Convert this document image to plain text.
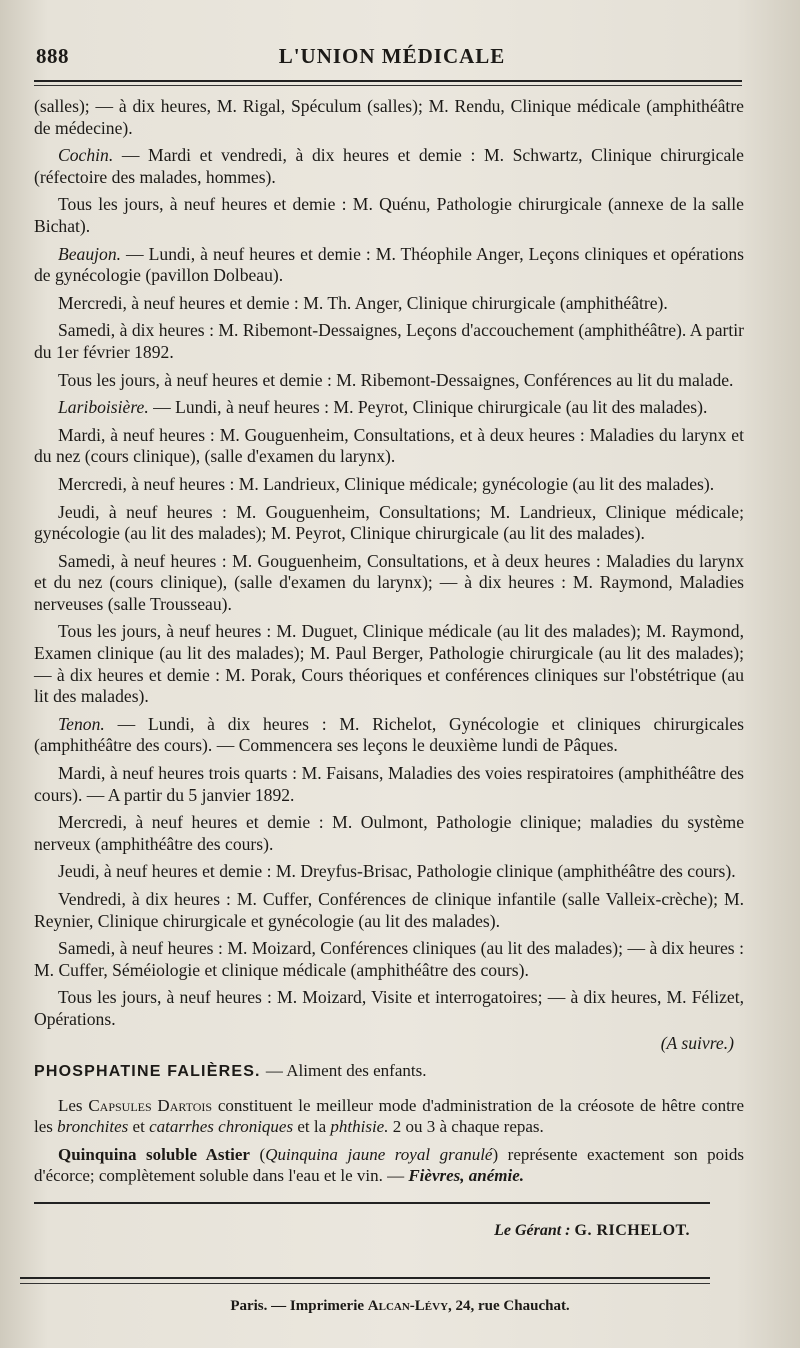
888	L'UNION MÉDICALE

(salles); — à dix heures, M. Rigal, Spéculum (salles); M. Rendu, Clinique médicale (amphithéâtre de médecine).

Cochin. — Mardi et vendredi, à dix heures et demie : M. Schwartz, Clinique chirurgicale (réfectoire des malades, hommes).

Tous les jours, à neuf heures et demie : M. Quénu, Pathologie chirurgicale (annexe de la salle Bichat).

Beaujon. — Lundi, à neuf heures et demie : M. Théophile Anger, Leçons cliniques et opérations de gynécologie (pavillon Dolbeau).

Mercredi, à neuf heures et demie : M. Th. Anger, Clinique chirurgicale (amphithéâtre).

Samedi, à dix heures : M. Ribemont-Dessaignes, Leçons d'accouchement (amphithéâtre). A partir du 1er février 1892.

Tous les jours, à neuf heures et demie : M. Ribemont-Dessaignes, Conférences au lit du malade.

Lariboisière. — Lundi, à neuf heures : M. Peyrot, Clinique chirurgicale (au lit des malades).

Mardi, à neuf heures : M. Gouguenheim, Consultations, et à deux heures : Maladies du larynx et du nez (cours clinique), (salle d'examen du larynx).

Mercredi, à neuf heures : M. Landrieux, Clinique médicale; gynécologie (au lit des malades).

Jeudi, à neuf heures : M. Gouguenheim, Consultations; M. Landrieux, Clinique médicale; gynécologie (au lit des malades); M. Peyrot, Clinique chirurgicale (au lit des malades).

Samedi, à neuf heures : M. Gouguenheim, Consultations, et à deux heures : Maladies du larynx et du nez (cours clinique), (salle d'examen du larynx); — à dix heures : M. Raymond, Maladies nerveuses (salle Trousseau).

Tous les jours, à neuf heures : M. Duguet, Clinique médicale (au lit des malades); M. Raymond, Examen clinique (au lit des malades); M. Paul Berger, Pathologie chirurgicale (au lit des malades); — à dix heures et demie : M. Porak, Cours théoriques et conférences cliniques sur l'obstétrique (au lit des malades).

Tenon. — Lundi, à dix heures : M. Richelot, Gynécologie et cliniques chirurgicales (amphithéâtre des cours). — Commencera ses leçons le deuxième lundi de Pâques.

Mardi, à neuf heures trois quarts : M. Faisans, Maladies des voies respiratoires (amphithéâtre des cours). — A partir du 5 janvier 1892.

Mercredi, à neuf heures et demie : M. Oulmont, Pathologie clinique; maladies du système nerveux (amphithéâtre des cours).

Jeudi, à neuf heures et demie : M. Dreyfus-Brisac, Pathologie clinique (amphithéâtre des cours).

Vendredi, à dix heures : M. Cuffer, Conférences de clinique infantile (salle Valleix-crèche); M. Reynier, Clinique chirurgicale et gynécologie (au lit des malades).

Samedi, à neuf heures : M. Moizard, Conférences cliniques (au lit des malades); — à dix heures : M. Cuffer, Séméiologie et clinique médicale (amphithéâtre des cours).

Tous les jours, à neuf heures : M. Moizard, Visite et interrogatoires; — à dix heures, M. Félizet, Opérations.

(A suivre.)
PHOSPHATINE FALIÈRES. — Aliment des enfants.

Les Capsules Dartois constituent le meilleur mode d'administration de la créosote de hêtre contre les bronchites et catarrhes chroniques et la phthisie. 2 ou 3 à chaque repas.

Quinquina soluble Astier (Quinquina jaune royal granulé) représente exactement son poids d'écorce; complètement soluble dans l'eau et le vin. — Fièvres, anémie.

Le Gérant : G. RICHELOT.
Paris. — Imprimerie Alcan-Lévy, 24, rue Chauchat.
